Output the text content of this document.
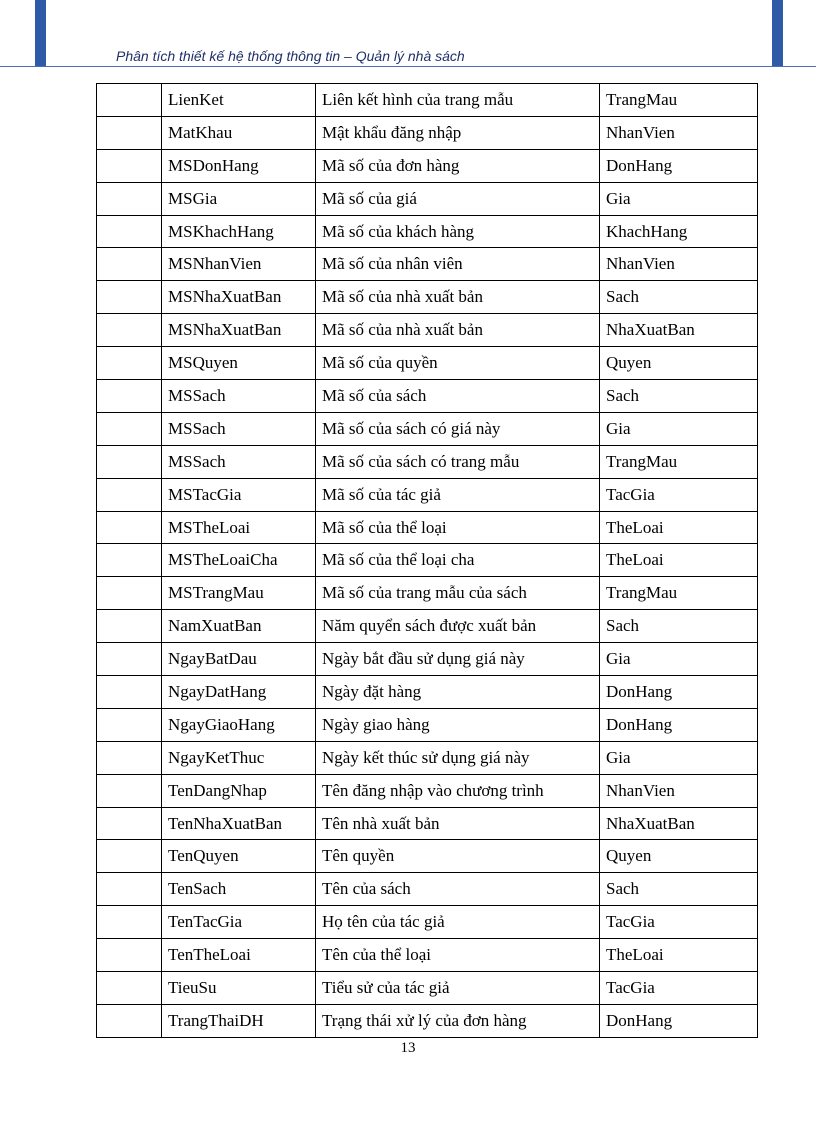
Phân tích thiết kế hệ thống thông tin – Quản lý nhà sách
	LienKet	Liên kết hình của trang mẫu	TrangMau
	MatKhau	Mật khẩu đăng nhập	NhanVien
	MSDonHang	Mã số của đơn hàng	DonHang
	MSGia	Mã số của giá	Gia
	MSKhachHang	Mã số của khách hàng	KhachHang
	MSNhanVien	Mã số của nhân viên	NhanVien
	MSNhaXuatBan	Mã số của nhà xuất bản	Sach
	MSNhaXuatBan	Mã số của nhà xuất bản	NhaXuatBan
	MSQuyen	Mã số của quyền	Quyen
	MSSach	Mã số của sách	Sach
	MSSach	Mã số của sách có giá này	Gia
	MSSach	Mã số của sách có trang mẫu	TrangMau
	MSTacGia	Mã số của tác giả	TacGia
	MSTheLoai	Mã số của thể loại	TheLoai
	MSTheLoaiCha	Mã số của thể loại cha	TheLoai
	MSTrangMau	Mã số của trang mẫu của sách	TrangMau
	NamXuatBan	Năm quyển sách được xuất bản	Sach
	NgayBatDau	Ngày bắt đầu sử dụng giá này	Gia
	NgayDatHang	Ngày đặt hàng	DonHang
	NgayGiaoHang	Ngày giao hàng	DonHang
	NgayKetThuc	Ngày kết thúc sử dụng giá này	Gia
	TenDangNhap	Tên đăng nhập vào chương trình	NhanVien
	TenNhaXuatBan	Tên nhà xuất bản	NhaXuatBan
	TenQuyen	Tên quyền	Quyen
	TenSach	Tên của sách	Sach
	TenTacGia	Họ tên của tác giả	TacGia
	TenTheLoai	Tên của thể loại	TheLoai
	TieuSu	Tiểu sử của tác giả	TacGia
	TrangThaiDH	Trạng thái xử lý của đơn hàng	DonHang
13
